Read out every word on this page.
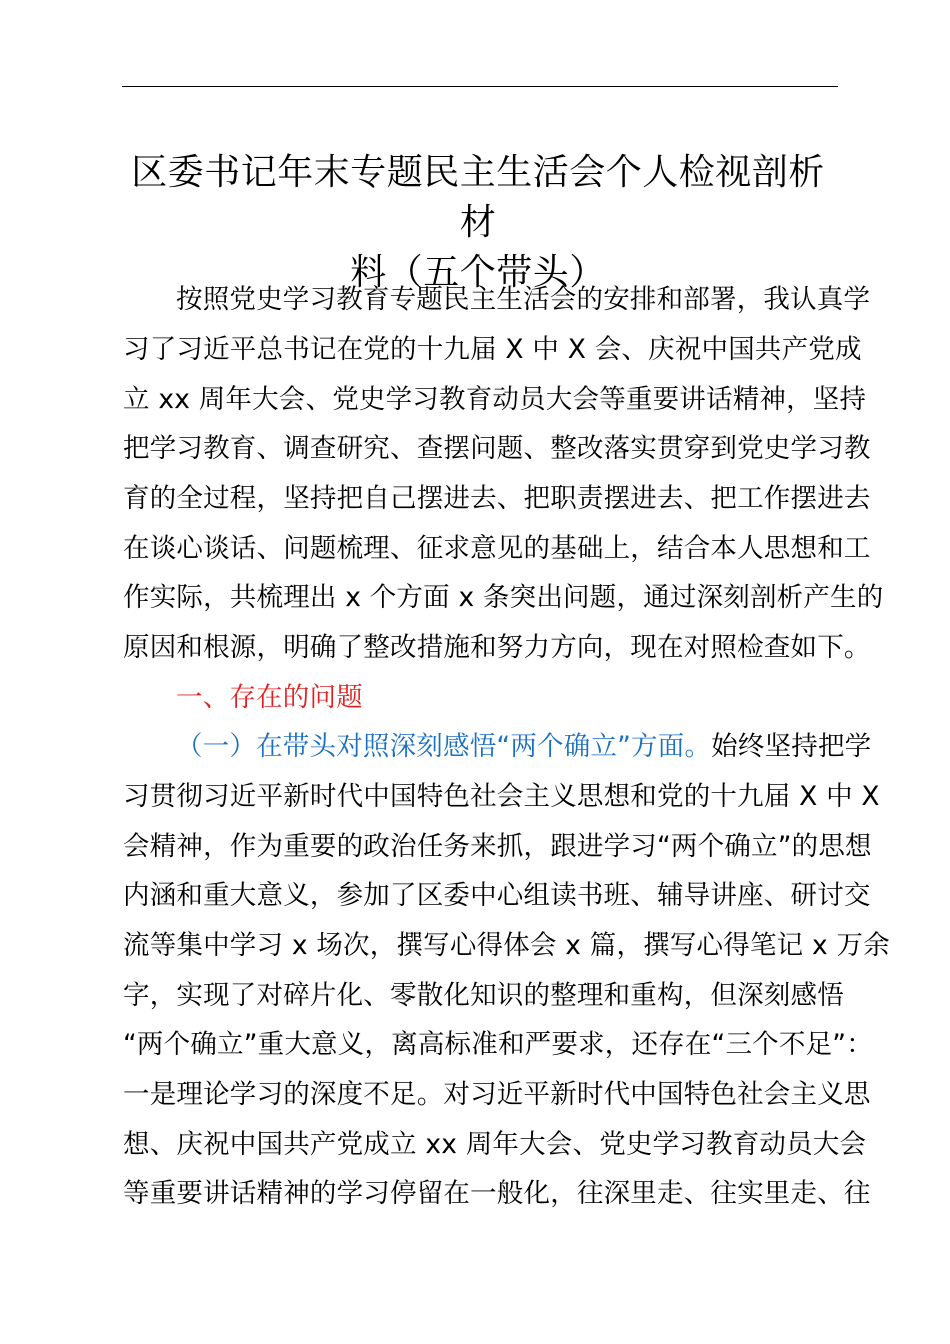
区委书记年末专题民主生活会个人检视剖析材
料（五个带头）
按照党史学习教育专题民主生活会的安排和部署，我认真学
习了习近平总书记在党的十九届 X 中 X 会、庆祝中国共产党成
立 xx 周年大会、党史学习教育动员大会等重要讲话精神，坚持
把学习教育、调查研究、查摆问题、整改落实贯穿到党史学习教
育的全过程，坚持把自己摆进去、把职责摆进去、把工作摆进去
在谈心谈话、问题梳理、征求意见的基础上，结合本人思想和工
作实际，共梳理出 x 个方面 x 条突出问题，通过深刻剖析产生的
原因和根源，明确了整改措施和努力方向，现在对照检查如下。
一、存在的问题
（一）在带头对照深刻感悟“两个确立”方面。始终坚持把学
习贯彻习近平新时代中国特色社会主义思想和党的十九届 X 中 X
会精神，作为重要的政治任务来抓，跟进学习“两个确立”的思想
内涵和重大意义，参加了区委中心组读书班、辅导讲座、研讨交
流等集中学习 x 场次，撰写心得体会 x 篇，撰写心得笔记 x 万余
字，实现了对碎片化、零散化知识的整理和重构，但深刻感悟
“两个确立”重大意义，离高标准和严要求，还存在“三个不足”：
一是理论学习的深度不足。对习近平新时代中国特色社会主义思
想、庆祝中国共产党成立 xx 周年大会、党史学习教育动员大会
等重要讲话精神的学习停留在一般化，往深里走、往实里走、往
